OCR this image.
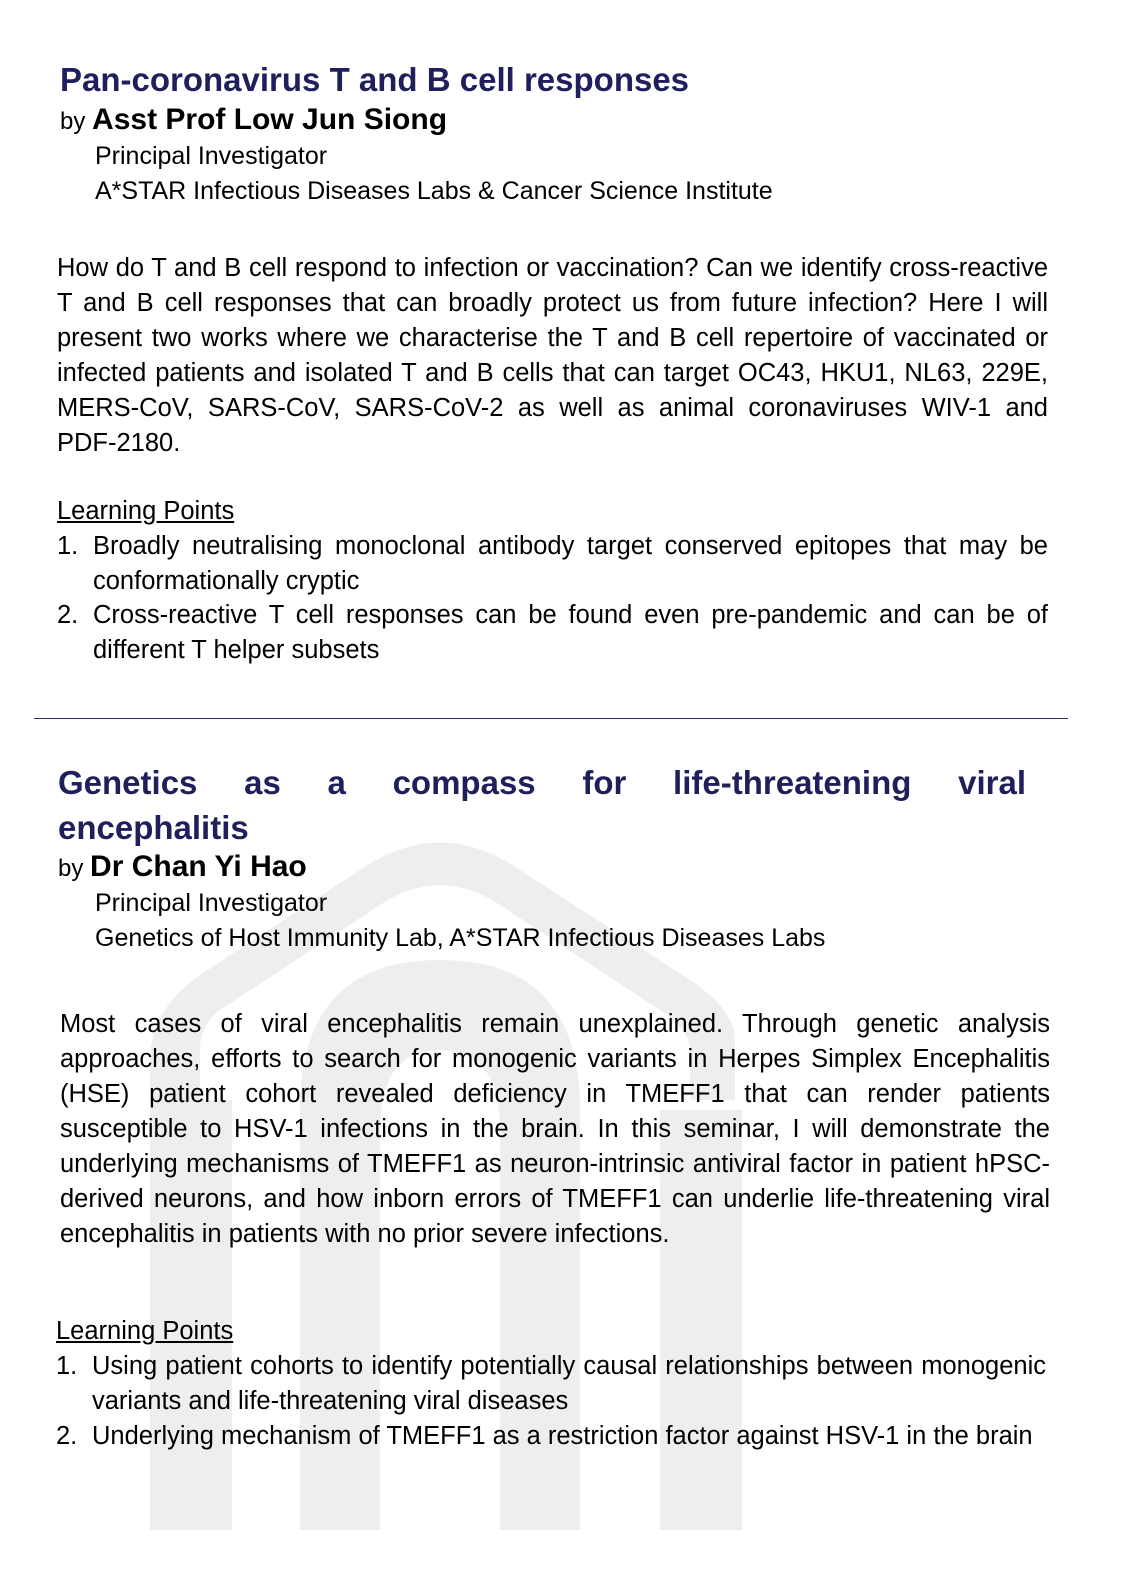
Pan-coronavirus T and B cell responses
by Asst Prof Low Jun Siong
Principal Investigator
A*STAR Infectious Diseases Labs & Cancer Science Institute

How do T and B cell respond to infection or vaccination? Can we identify cross-reactive T and B cell responses that can broadly protect us from future infection? Here I will present two works where we characterise the T and B cell repertoire of vaccinated or infected patients and isolated T and B cells that can target OC43, HKU1, NL63, 229E, MERS-CoV, SARS-CoV, SARS-CoV-2 as well as animal coronaviruses WIV-1 and PDF-2180.

Learning Points
1. Broadly neutralising monoclonal antibody target conserved epitopes that may be conformationally cryptic
2. Cross-reactive T cell responses can be found even pre-pandemic and can be of different T helper subsets
Genetics as a compass for life-threatening viral
encephalitis
by Dr Chan Yi Hao
Principal Investigator
Genetics of Host Immunity Lab, A*STAR Infectious Diseases Labs

Most cases of viral encephalitis remain unexplained. Through genetic analysis approaches, efforts to search for monogenic variants in Herpes Simplex Encephalitis (HSE) patient cohort revealed deficiency in TMEFF1 that can render patients susceptible to HSV-1 infections in the brain. In this seminar, I will demonstrate the underlying mechanisms of TMEFF1 as neuron-intrinsic antiviral factor in patient hPSC-derived neurons, and how inborn errors of TMEFF1 can underlie life-threatening viral encephalitis in patients with no prior severe infections.

Learning Points
1. Using patient cohorts to identify potentially causal relationships between monogenic variants and life-threatening viral diseases
2. Underlying mechanism of TMEFF1 as a restriction factor against HSV-1 in the brain
